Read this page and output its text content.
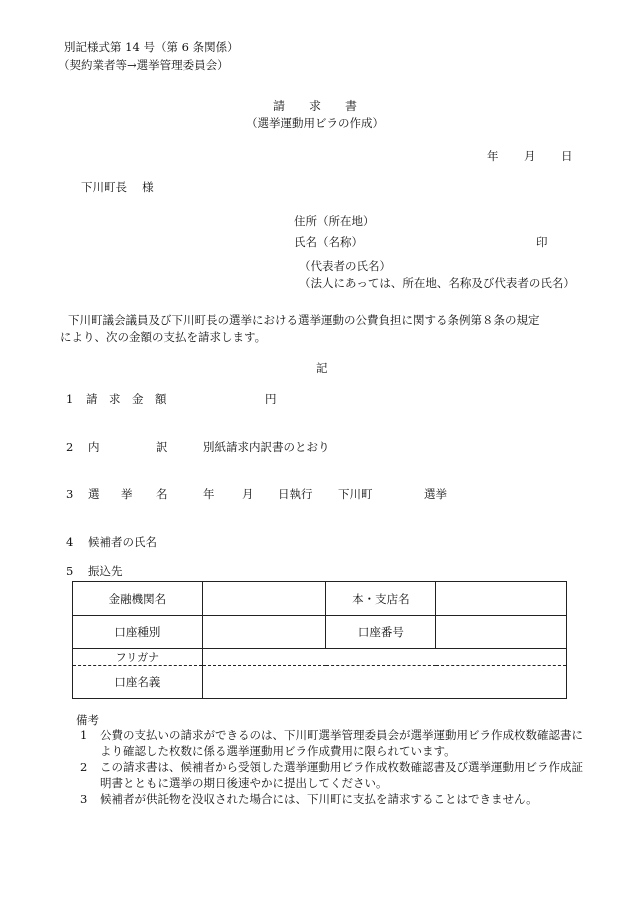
別記様式第 14 号（第 6 条関係）
（契約業者等→選挙管理委員会）
請　　求　　書
（選挙運動用ビラの作成）
年 月 日
下川町長　 様
住所（所在地）
氏名（名称）	印
（代表者の氏名）
（法人にあっては、所在地、名称及び代表者の氏名）
下川町議会議員及び下川町長の選挙における選挙運動の公費負担に関する条例第８条の規定
により、次の金額の支払を請求します。
記
1 請　求　金　額	円
2 内	訳	別紙請求内訳書のとおり
3 選 挙 名	年 月 日執行 下川町	選挙
4 候補者の氏名
5 振込先
金融機関名		本・支店名	
口座種別		口座番号	
フリガナ			
口座名義			
備考
1 公費の支払いの請求ができるのは、下川町選挙管理委員会が選挙運動用ビラ作成枚数確認書により確認した枚数に係る選挙運動用ビラ作成費用に限られています。
2 この請求書は、候補者から受領した選挙運動用ビラ作成枚数確認書及び選挙運動用ビラ作成証明書とともに選挙の期日後速やかに提出してください。
3 候補者が供託物を没収された場合には、下川町に支払を請求することはできません。
